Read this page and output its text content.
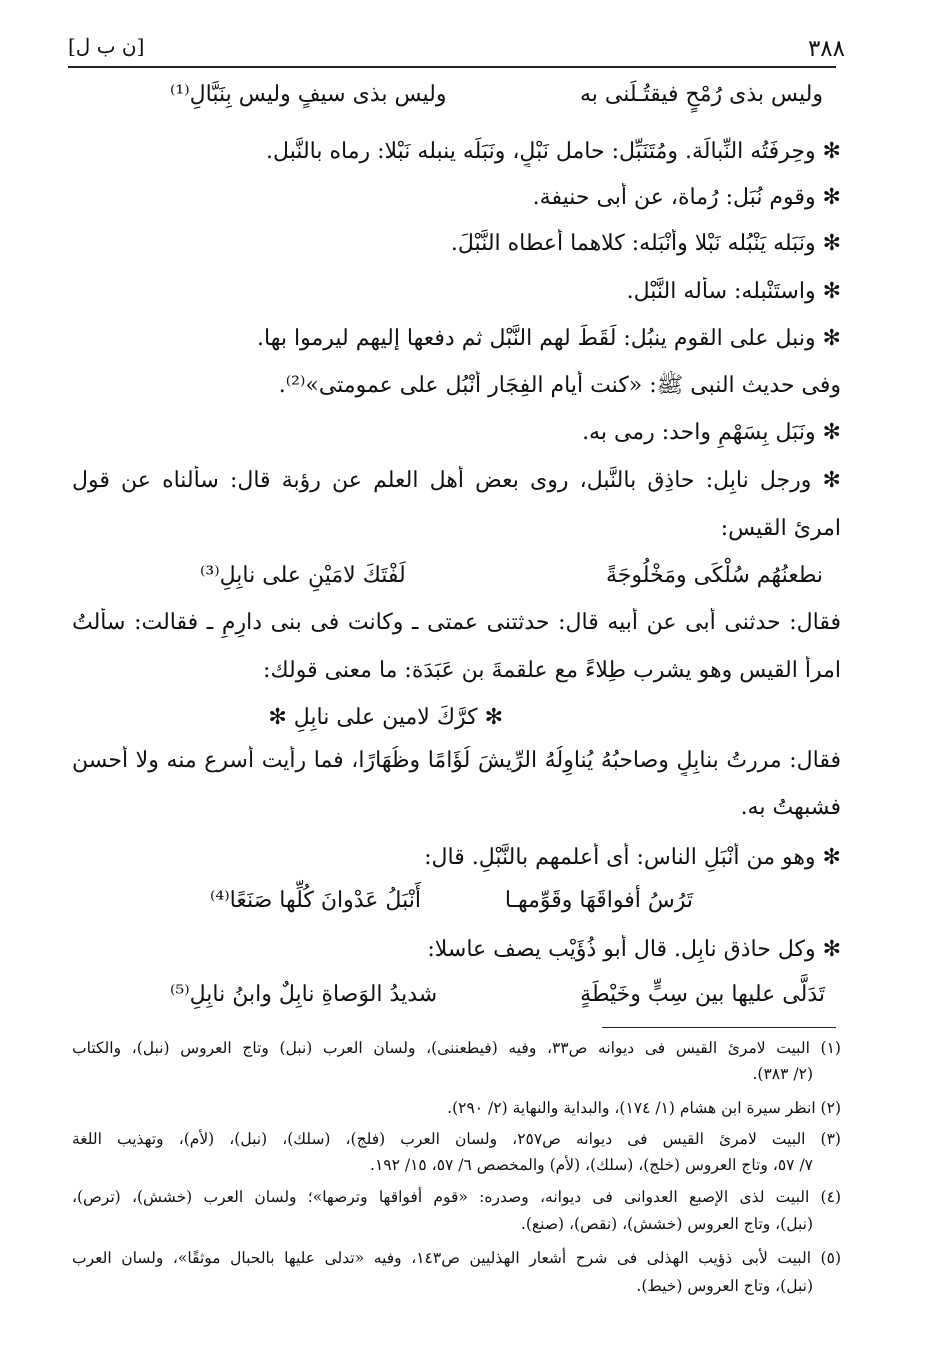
٣٨٨
[ن ب ل]
وليس بذى رُمْحٍ فيقتُـلَنى به
وليس بذى سيفٍ وليس بِنَبَّالِ⁽¹⁾
✻ وحِرفَتُه النِّبالَة. ومُتَنَبِّل: حامل نَبْلٍ، ونَبَلَه ينبله نَبْلا: رماه بالنَّبل.
✻ وقوم نُبَل: رُماة، عن أبى حنيفة.
✻ ونَبَله يَنْبُله نَبْلا وأَنْبَله: كلاهما أعطاه النَّبْلَ.
✻ واستَنْبله: سأله النَّبْل.
✻ ونبل على القوم ينبُل: لَقَطَ لهم النَّبْل ثم دفعها إليهم ليرموا بها.
وفى حديث النبى ﷺ: «كنت أيام الفِجَار أَنْبُل على عمومتى»⁽²⁾.
✻ ونَبَل بِسَهْمٍ واحد: رمى به.
✻ ورجل نابِل: حاذِق بالنَّبل، روى بعض أهل العلم عن رؤبة قال: سألناه عن قول
امرئ القيس:
نطعنُهُم سُلْكَى ومَخْلُوجَةً
لَفْتَكَ لامَيْنِ على نابِلِ⁽³⁾
فقال: حدثنى أبى عن أبيه قال: حدثتنى عمتى ـ وكانت فى بنى دارِمٍ ـ فقالت: سألتُ
امرأ القيس وهو يشرب طِلاءً مع علقمةَ بن عَبَدَة: ما معنى قولك:
✻ كرَّكَ لامين على نابِلِ ✻
فقال: مررتُ بنابِلٍ وصاحبُهُ يُناوِلُهُ الرِّيشَ لُؤَامًا وظُهَارًا، فما رأيت أسرع منه ولا أحسن
فشبهتُ به.
✻ وهو من أَنْبَلِ الناس: أى أعلمهم بالنَّبْلِ. قال:
تَرُسُ أفواقَهَا وقَوِّمهـا
أَنْبَلُ عَدْوانَ كُلِّها صَنَعًا⁽⁴⁾
✻ وكل حاذق نابِل. قال أبو ذُؤَيْب يصف عاسلا:
تَدَلَّى عليها بين سِبٍّ وخَيْطَةٍ
شديدُ الوَصاةِ نابِلٌ وابنُ نابِلِ⁽⁵⁾
(١) البيت لامرئ القيس فى ديوانه ص٣٣، وفيه (فيطعننى)، ولسان العرب (نبل) وتاج العروس (نبل)، والكتاب
(٢/ ٣٨٣).
(٢) انظر سيرة ابن هشام (١/ ١٧٤)، والبداية والنهاية (٢/ ٢٩٠).
(٣) البيت لامرئ القيس فى ديوانه ص٢٥٧، ولسان العرب (فلج)، (سلك)، (نبل)، (لأم)، وتهذيب اللغة
٧/ ٥٧، وتاج العروس (خلج)، (سلك)، (لأم) والمخصص ٦/ ٥٧، ١٥/ ١٩٢.
(٤) البيت لذى الإصبع العدوانى فى ديوانه، وصدره: «قوم أفواقها وترصها»؛ ولسان العرب (خشش)، (ترص)،
(نبل)، وتاج العروس (خشش)، (نقص)، (صنع).
(٥) البيت لأبى ذؤيب الهذلى فى شرح أشعار الهذليين ص١٤٣، وفيه «تدلى عليها بالحبال موثقًا»، ولسان العرب
(نبل)، وتاج العروس (خيط).
